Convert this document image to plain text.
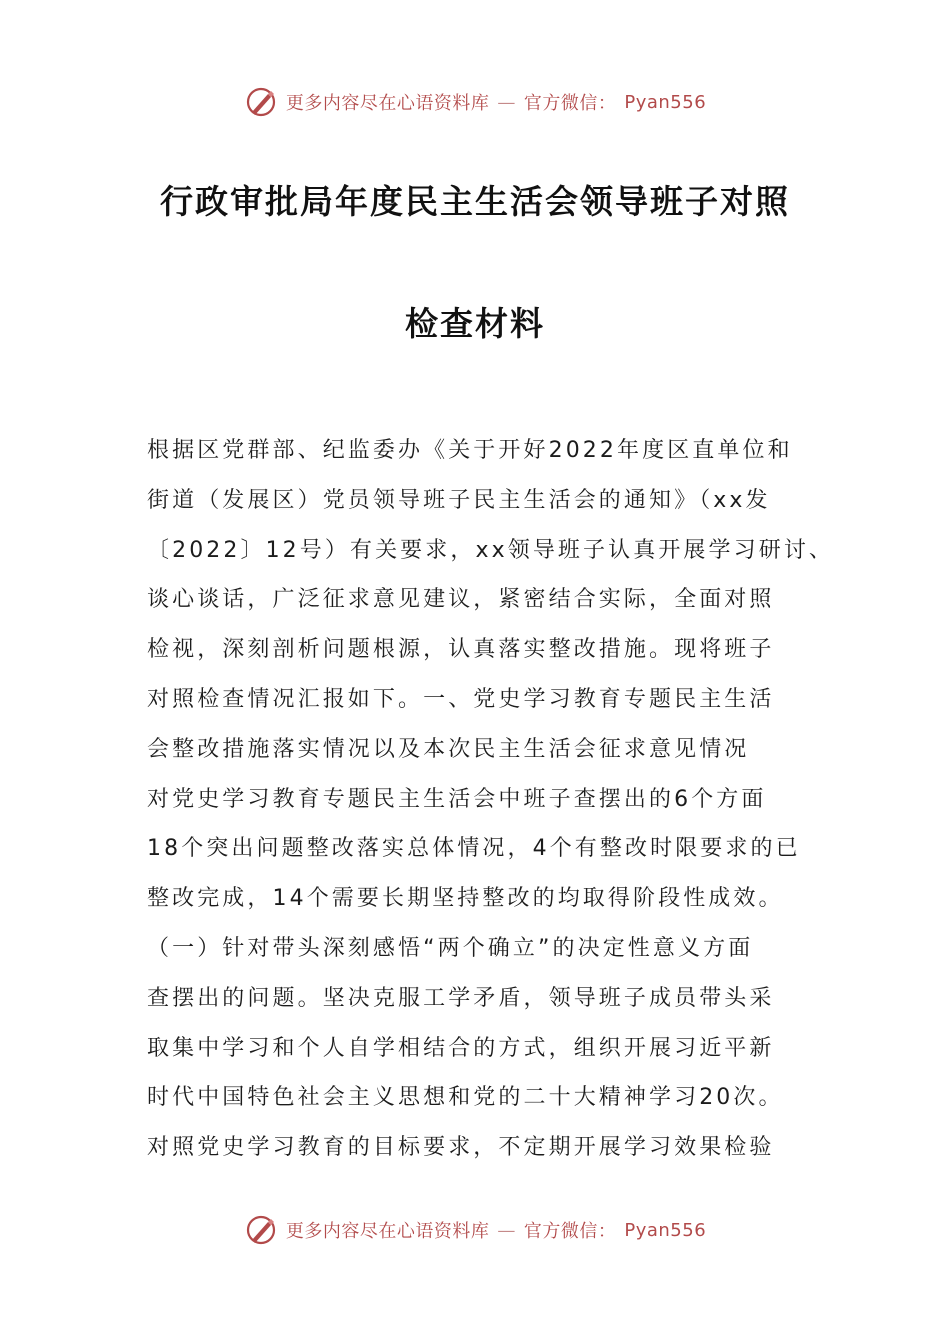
更多内容尽在心语资料库 — 官方微信： Pyan556
行政审批局年度民主生活会领导班子对照
检查材料
根据区党群部、纪监委办《关于开好2022年度区直单位和
街道（发展区）党员领导班子民主生活会的通知》（xx发
〔2022〕12号）有关要求，xx领导班子认真开展学习研讨、
谈心谈话，广泛征求意见建议，紧密结合实际，全面对照
检视，深刻剖析问题根源，认真落实整改措施。现将班子
对照检查情况汇报如下。一、党史学习教育专题民主生活
会整改措施落实情况以及本次民主生活会征求意见情况
对党史学习教育专题民主生活会中班子查摆出的6个方面
18个突出问题整改落实总体情况，4个有整改时限要求的已
整改完成，14个需要长期坚持整改的均取得阶段性成效。
（一）针对带头深刻感悟“两个确立”的决定性意义方面
查摆出的问题。坚决克服工学矛盾，领导班子成员带头采
取集中学习和个人自学相结合的方式，组织开展习近平新
时代中国特色社会主义思想和党的二十大精神学习20次。
对照党史学习教育的目标要求，不定期开展学习效果检验
更多内容尽在心语资料库 — 官方微信： Pyan556
